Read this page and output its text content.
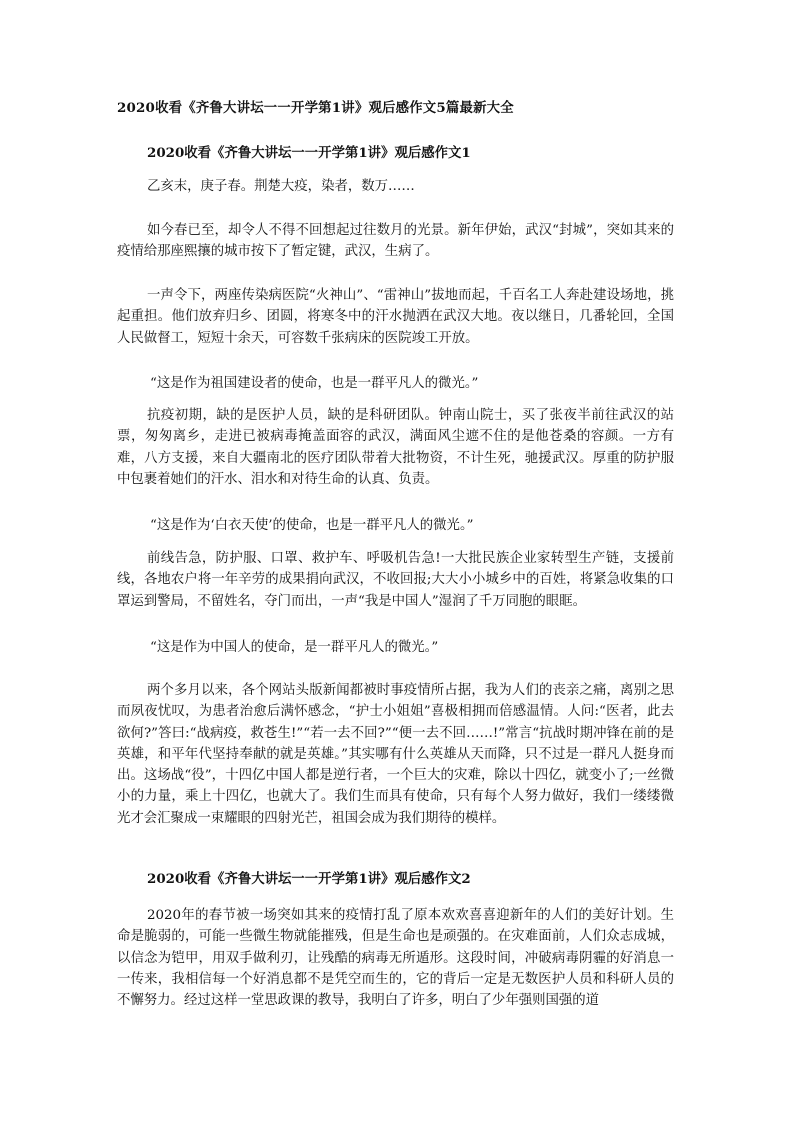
2020收看《齐鲁大讲坛一一开学第1讲》观后感作文5篇最新大全
2020收看《齐鲁大讲坛一一开学第1讲》观后感作文1

乙亥末，庚子春。荆楚大疫，染者，数万……

如今春已至，却令人不得不回想起过往数月的光景。新年伊始，武汉“封城”，突如其来的疫情给那座熙攘的城市按下了暂定键，武汉，生病了。

一声令下，两座传染病医院“火神山”、“雷神山”拔地而起，千百名工人奔赴建设场地，挑起重担。他们放弃归乡、团圆，将寒冬中的汗水抛洒在武汉大地。夜以继日，几番轮回，全国人民做督工，短短十余天，可容数千张病床的医院竣工开放。

“这是作为祖国建设者的使命，也是一群平凡人的微光。”

抗疫初期，缺的是医护人员，缺的是科研团队。钟南山院士，买了张夜半前往武汉的站票，匆匆离乡，走进已被病毒掩盖面容的武汉，满面风尘遮不住的是他苍桑的容颜。一方有难，八方支援，来自大疆南北的医疗团队带着大批物资，不计生死，驰援武汉。厚重的防护服中包裹着她们的汗水、泪水和对待生命的认真、负责。

“这是作为‘白衣天使’的使命，也是一群平凡人的微光。”

前线告急，防护服、口罩、救护车、呼吸机告急!一大批民族企业家转型生产链，支援前线，各地农户将一年辛劳的成果捐向武汉，不收回报;大大小小城乡中的百姓，将紧急收集的口罩运到警局，不留姓名，夺门而出，一声“我是中国人”湿润了千万同胞的眼眶。

“这是作为中国人的使命，是一群平凡人的微光。”

两个多月以来，各个网站头版新闻都被时事疫情所占据，我为人们的丧亲之痛，离别之思而夙夜忧叹，为患者治愈后满怀感念，“护士小姐姐”喜极相拥而倍感温情。人问:“医者，此去欲何?”答曰:“战病疫，救苍生!”“若一去不回?”“便一去不回……!”常言“抗战时期冲锋在前的是英雄，和平年代坚持奉献的就是英雄。”其实哪有什么英雄从天而降，只不过是一群凡人挺身而出。这场战“役”，十四亿中国人都是逆行者，一个巨大的灾难，除以十四亿，就变小了;一丝微小的力量，乘上十四亿，也就大了。我们生而具有使命，只有每个人努力做好，我们一缕缕微光才会汇聚成一束耀眼的四射光芒，祖国会成为我们期待的模样。

2020收看《齐鲁大讲坛一一开学第1讲》观后感作文2

2020年的春节被一场突如其来的疫情打乱了原本欢欢喜喜迎新年的人们的美好计划。生命是脆弱的，可能一些微生物就能摧残，但是生命也是顽强的。在灾难面前，人们众志成城，以信念为铠甲，用双手做利刃，让残酷的病毒无所遁形。这段时间，冲破病毒阴霾的好消息一一传来，我相信每一个好消息都不是凭空而生的，它的背后一定是无数医护人员和科研人员的不懈努力。经过这样一堂思政课的教导，我明白了许多，明白了少年强则国强的道
